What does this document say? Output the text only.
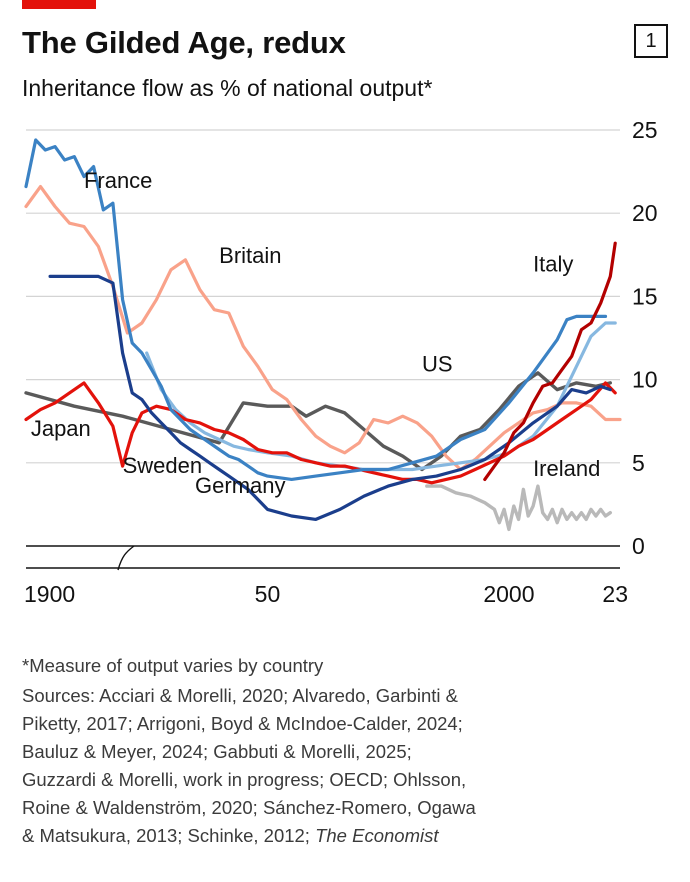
The Gilded Age, redux
Inheritance flow as % of national output*
1
0
5
10
15
20
25
1900	50	2000	23
France
Britain	Italy
US
Japan
Sweden
Germany
Ireland

*Measure of output varies by country

Sources: Acciari & Morelli, 2020; Alvaredo, Garbinti &
Piketty, 2017; Arrigoni, Boyd & McIndoe-Calder, 2024;
Bauluz & Meyer, 2024; Gabbuti & Morelli, 2025;
Guzzardi & Morelli, work in progress; OECD; Ohlsson,
Roine & Waldenström, 2020; Sánchez-Romero, Ogawa
& Matsukura, 2013; Schinke, 2012; The Economist
